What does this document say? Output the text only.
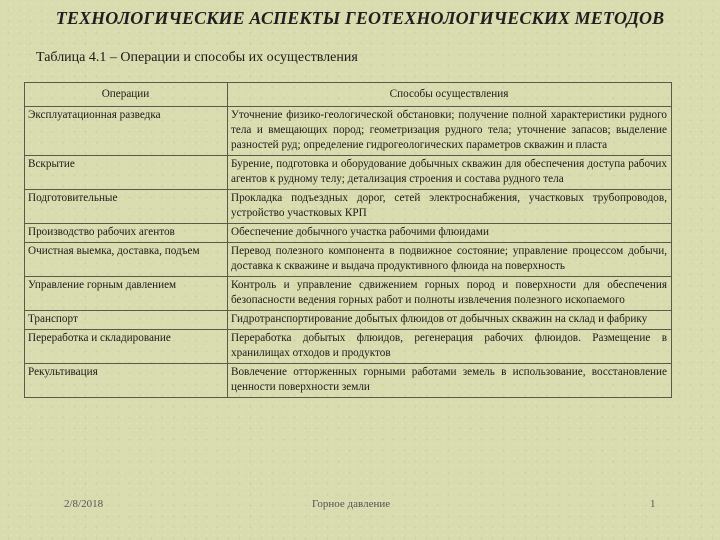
ТЕХНОЛОГИЧЕСКИЕ АСПЕКТЫ ГЕОТЕХНОЛОГИЧЕСКИХ МЕТОДОВ
Таблица 4.1 – Операции и способы их осуществления
Операции	Способы осуществления
Эксплуатационная разведка	Уточнение физико-геологической обстановки; получение полной характеристики рудного тела и вмещающих пород; геометризация рудного тела; уточнение запасов; выделение разностей руд; определение гидрогеологических параметров скважин и пласта
Вскрытие	Бурение, подготовка и оборудование добычных скважин для обеспечения доступа рабочих агентов к рудному телу; детализация строения и состава рудного тела
Подготовительные	Прокладка подъездных дорог, сетей электроснабжения, участковых трубопроводов, устройство участковых КРП
Производство рабочих агентов	Обеспечение добычного участка рабочими флюидами
Очистная выемка, доставка, подъем	Перевод полезного компонента в подвижное состояние; управление процессом добычи, доставка к скважине и выдача продуктивного флюида на поверхность
Управление горным давлением	Контроль и управление сдвижением горных пород и поверхности для обеспечения безопасности ведения горных работ и полноты извлечения полезного ископаемого
Транспорт	Гидротранспортирование добытых флюидов от добычных скважин на склад и фабрику
Переработка и складирование	Переработка добытых флюидов, регенерация рабочих флюидов. Размещение в хранилищах отходов и продуктов
Рекультивация	Вовлечение отторженных горными работами земель в использование, восстановление ценности поверхности земли
2/8/2018	Горное давление	1
